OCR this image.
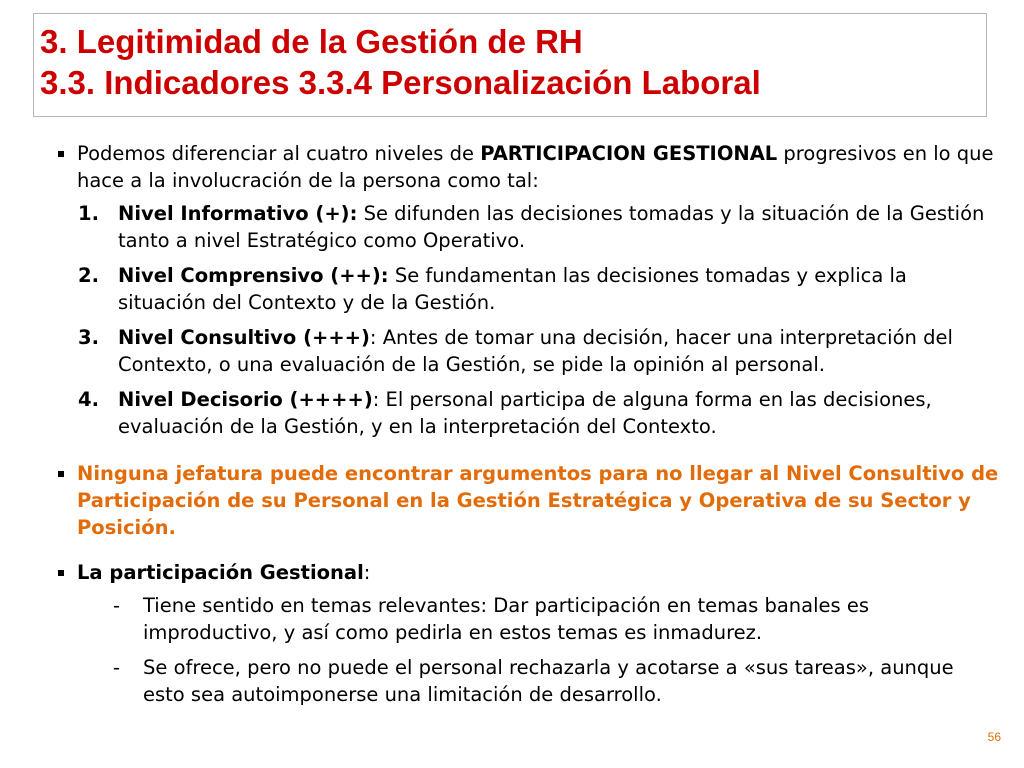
3. Legitimidad de la Gestión de RH
3.3. Indicadores 3.3.4 Personalización Laboral
Podemos diferenciar al cuatro niveles de PARTICIPACION GESTIONAL progresivos en lo que hace a la involucración de la persona como tal:
1. Nivel Informativo (+): Se difunden las decisiones tomadas y la situación de la Gestión tanto a nivel Estratégico como Operativo.
2. Nivel Comprensivo (++): Se fundamentan las decisiones tomadas y explica la situación del Contexto y de la Gestión.
3. Nivel Consultivo (+++): Antes de tomar una decisión, hacer una interpretación del Contexto, o una evaluación de la Gestión, se pide la opinión al personal.
4. Nivel Decisorio (++++): El personal participa de alguna forma en las decisiones, evaluación de la Gestión, y en la interpretación del Contexto.
Ninguna jefatura puede encontrar argumentos para no llegar al Nivel Consultivo de Participación de su Personal en la Gestión Estratégica y Operativa de su Sector y Posición.
La participación Gestional:
- Tiene sentido en temas relevantes: Dar participación en temas banales es improductivo, y así como pedirla en estos temas es inmadurez.
- Se ofrece, pero no puede el personal rechazarla y acotarse a «sus tareas», aunque esto sea autoimponerse una limitación de desarrollo.
56
